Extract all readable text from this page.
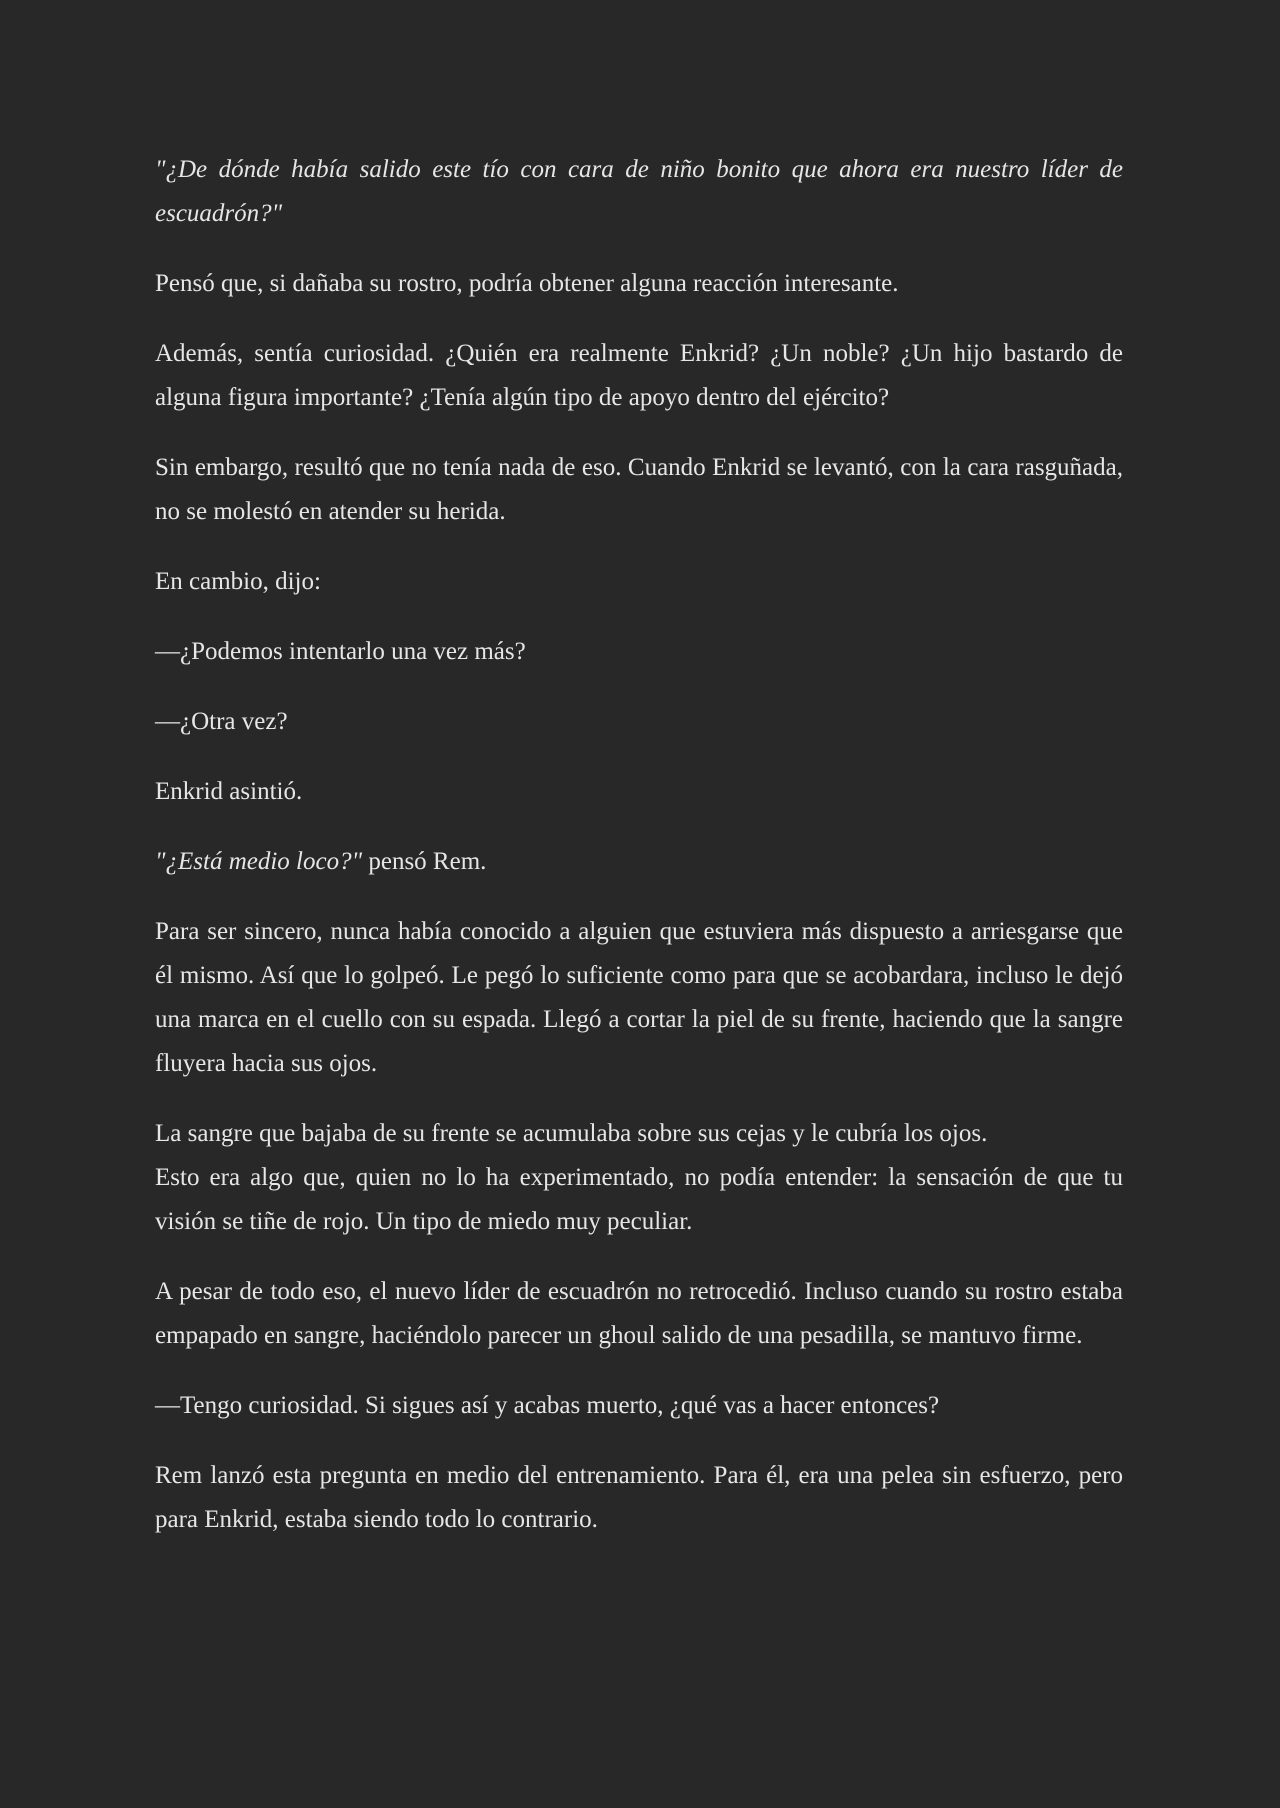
"¿De dónde había salido este tío con cara de niño bonito que ahora era nuestro líder de escuadrón?"

Pensó que, si dañaba su rostro, podría obtener alguna reacción interesante.

Además, sentía curiosidad. ¿Quién era realmente Enkrid? ¿Un noble? ¿Un hijo bastardo de alguna figura importante? ¿Tenía algún tipo de apoyo dentro del ejército?

Sin embargo, resultó que no tenía nada de eso. Cuando Enkrid se levantó, con la cara rasguñada, no se molestó en atender su herida.

En cambio, dijo:

—¿Podemos intentarlo una vez más?

—¿Otra vez?

Enkrid asintió.

"¿Está medio loco?" pensó Rem.

Para ser sincero, nunca había conocido a alguien que estuviera más dispuesto a arriesgarse que él mismo. Así que lo golpeó. Le pegó lo suficiente como para que se acobardara, incluso le dejó una marca en el cuello con su espada. Llegó a cortar la piel de su frente, haciendo que la sangre fluyera hacia sus ojos.

La sangre que bajaba de su frente se acumulaba sobre sus cejas y le cubría los ojos.
Esto era algo que, quien no lo ha experimentado, no podía entender: la sensación de que tu visión se tiñe de rojo. Un tipo de miedo muy peculiar.

A pesar de todo eso, el nuevo líder de escuadrón no retrocedió. Incluso cuando su rostro estaba empapado en sangre, haciéndolo parecer un ghoul salido de una pesadilla, se mantuvo firme.

—Tengo curiosidad. Si sigues así y acabas muerto, ¿qué vas a hacer entonces?

Rem lanzó esta pregunta en medio del entrenamiento. Para él, era una pelea sin esfuerzo, pero para Enkrid, estaba siendo todo lo contrario.
